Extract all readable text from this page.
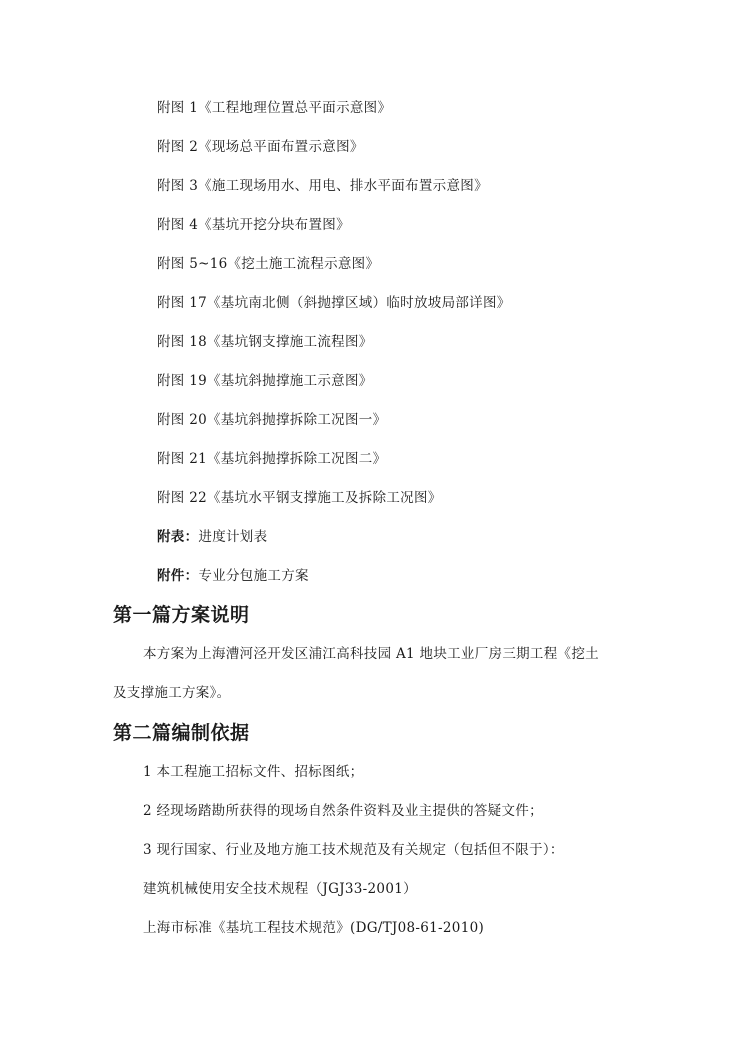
附图 1《工程地理位置总平面示意图》
附图 2《现场总平面布置示意图》
附图 3《施工现场用水、用电、排水平面布置示意图》
附图 4《基坑开挖分块布置图》
附图 5~16《挖土施工流程示意图》
附图 17《基坑南北侧（斜抛撑区域）临时放坡局部详图》
附图 18《基坑钢支撑施工流程图》
附图 19《基坑斜抛撑施工示意图》
附图 20《基坑斜抛撑拆除工况图一》
附图 21《基坑斜抛撑拆除工况图二》
附图 22《基坑水平钢支撑施工及拆除工况图》
附表：进度计划表
附件：专业分包施工方案
第一篇方案说明
本方案为上海漕河泾开发区浦江高科技园 A1 地块工业厂房三期工程《挖土
及支撑施工方案》。
第二篇编制依据
1 本工程施工招标文件、招标图纸；
2 经现场踏勘所获得的现场自然条件资料及业主提供的答疑文件；
3 现行国家、行业及地方施工技术规范及有关规定（包括但不限于）：
建筑机械使用安全技术规程（JGJ33-2001）
上海市标准《基坑工程技术规范》(DG/TJ08-61-2010)
